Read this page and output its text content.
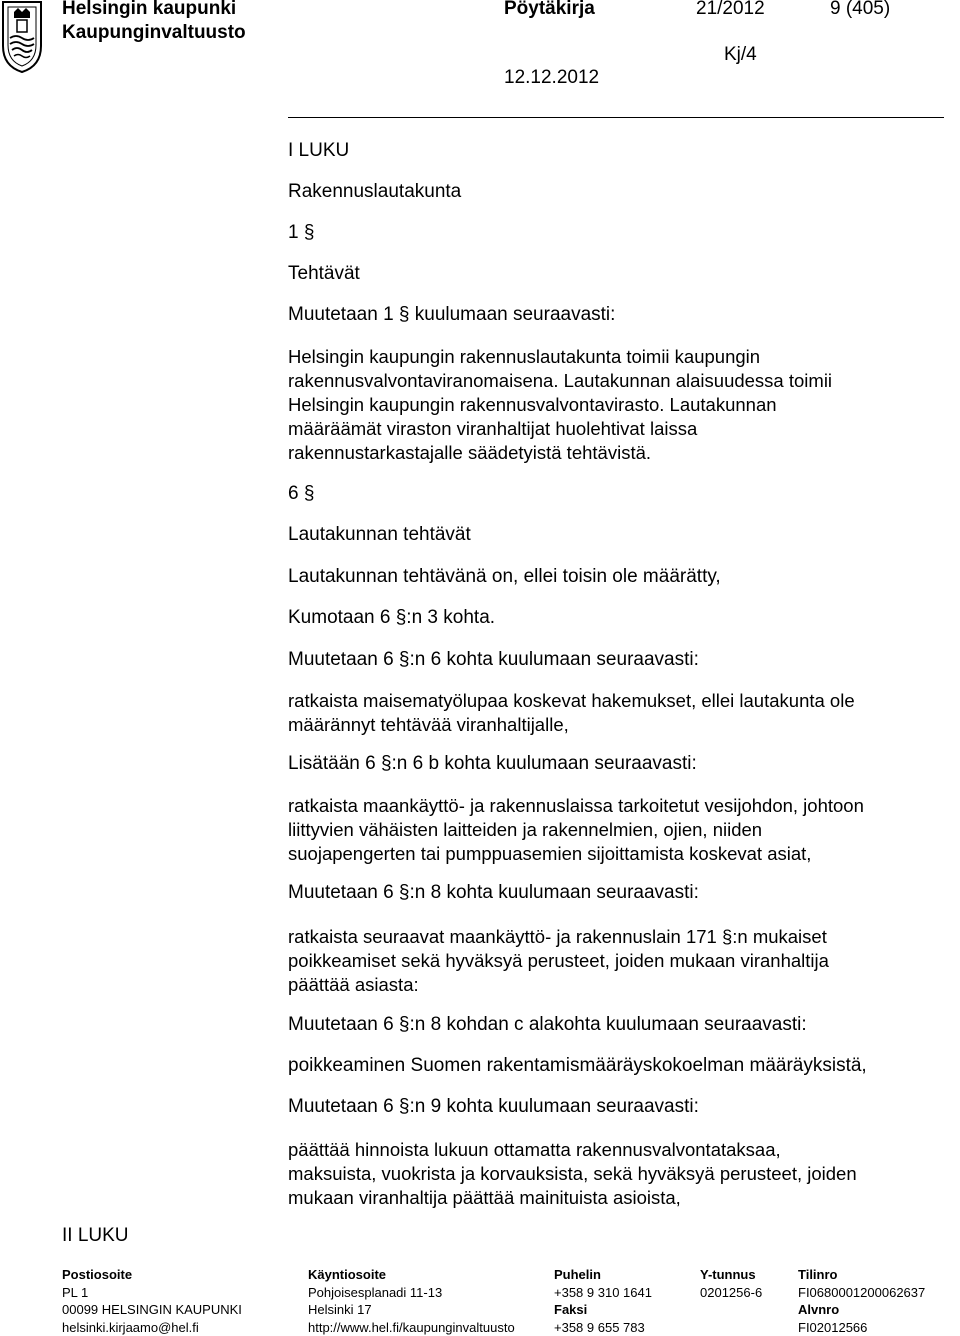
Helsingin kaupunki
Kaupunginvaltuusto
Pöytäkirja	21/2012	9 (405)
Kj/4
12.12.2012
I LUKU
Rakennuslautakunta
1 §
Tehtävät
Muutetaan 1 § kuulumaan seuraavasti:
Helsingin kaupungin rakennuslautakunta toimii kaupungin
rakennusvalvontaviranomaisena. Lautakunnan alaisuudessa toimii
Helsingin kaupungin rakennusvalvontavirasto. Lautakunnan
määräämät viraston viranhaltijat huolehtivat laissa
rakennustarkastajalle säädetyistä tehtävistä.
6 §
Lautakunnan tehtävät
Lautakunnan tehtävänä on, ellei toisin ole määrätty,
Kumotaan 6 §:n 3 kohta.
Muutetaan 6 §:n 6 kohta kuulumaan seuraavasti:
ratkaista maisematyölupaa koskevat hakemukset, ellei lautakunta ole
määrännyt tehtävää viranhaltijalle,
Lisätään 6 §:n 6 b kohta kuulumaan seuraavasti:
ratkaista maankäyttö- ja rakennuslaissa tarkoitetut vesijohdon, johtoon
liittyvien vähäisten laitteiden ja rakennelmien, ojien, niiden
suojapengerten tai pumppuasemien sijoittamista koskevat asiat,
Muutetaan 6 §:n 8 kohta kuulumaan seuraavasti:
ratkaista seuraavat maankäyttö- ja rakennuslain 171 §:n mukaiset
poikkeamiset sekä hyväksyä perusteet, joiden mukaan viranhaltija
päättää asiasta:
Muutetaan 6 §:n 8 kohdan c alakohta kuulumaan seuraavasti:
poikkeaminen Suomen rakentamismääräyskokoelman määräyksistä,
Muutetaan 6 §:n 9 kohta kuulumaan seuraavasti:
päättää hinnoista lukuun ottamatta rakennusvalvontataksaa,
maksuista, vuokrista ja korvauksista, sekä hyväksyä perusteet, joiden
mukaan viranhaltija päättää mainituista asioista,
II LUKU
Postiosoite
PL 1
00099 HELSINGIN KAUPUNKI
helsinki.kirjaamo@hel.fi
Käyntiosoite
Pohjoisesplanadi 11-13
Helsinki 17
http://www.hel.fi/kaupunginvaltuusto
Puhelin
+358 9 310 1641
Faksi
+358 9 655 783
Y-tunnus
0201256-6
Tilinro
FI0680001200062637
Alvnro
FI02012566
